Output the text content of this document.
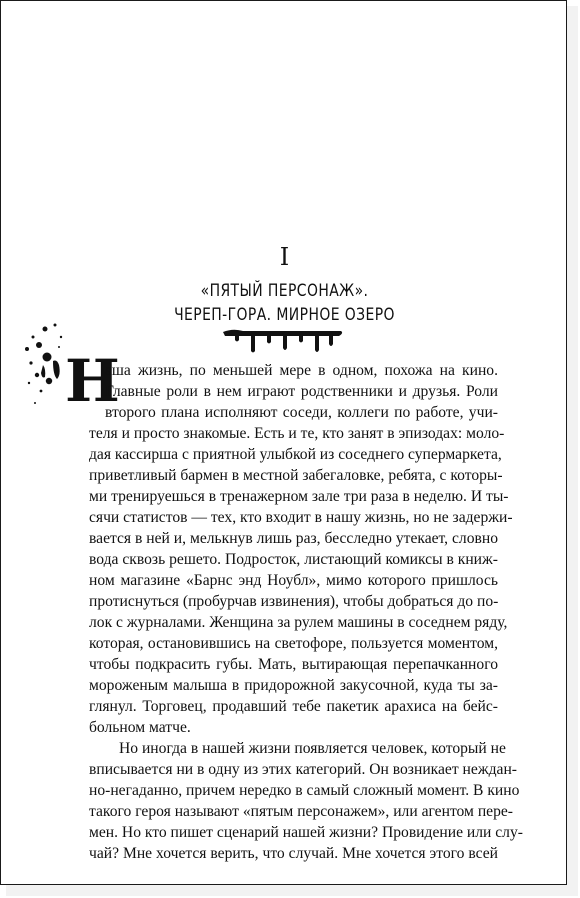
I
«ПЯТЫЙ ПЕРСОНАЖ».
ЧЕРЕП-ГОРА. МИРНОЕ ОЗЕРО
Н
аша жизнь, по меньшей мере в одном, похожа на кино.
Главные роли в нем играют родственники и друзья. Роли
второго плана исполняют соседи, коллеги по работе, учи-
теля и просто знакомые. Есть и те, кто занят в эпизодах: моло-
дая кассирша с приятной улыбкой из соседнего супермаркета,
приветливый бармен в местной забегаловке, ребята, с которы-
ми тренируешься в тренажерном зале три раза в неделю. И ты-
сячи статистов — тех, кто входит в нашу жизнь, но не задержи-
вается в ней и, мелькнув лишь раз, бесследно утекает, словно
вода сквозь решето. Подросток, листающий комиксы в книж-
ном магазине «Барнс энд Ноубл», мимо которого пришлось
протиснуться (пробурчав извинения), чтобы добраться до по-
лок с журналами. Женщина за рулем машины в соседнем ряду,
которая, остановившись на светофоре, пользуется моментом,
чтобы подкрасить губы. Мать, вытирающая перепачканного
мороженым малыша в придорожной закусочной, куда ты за-
глянул. Торговец, продавший тебе пакетик арахиса на бейс-
больном матче.
Но иногда в нашей жизни появляется человек, который не
вписывается ни в одну из этих категорий. Он возникает неждан-
но-негаданно, причем нередко в самый сложный момент. В кино
такого героя называют «пятым персонажем», или агентом пере-
мен. Но кто пишет сценарий нашей жизни? Провидение или слу-
чай? Мне хочется верить, что случай. Мне хочется этого всей
